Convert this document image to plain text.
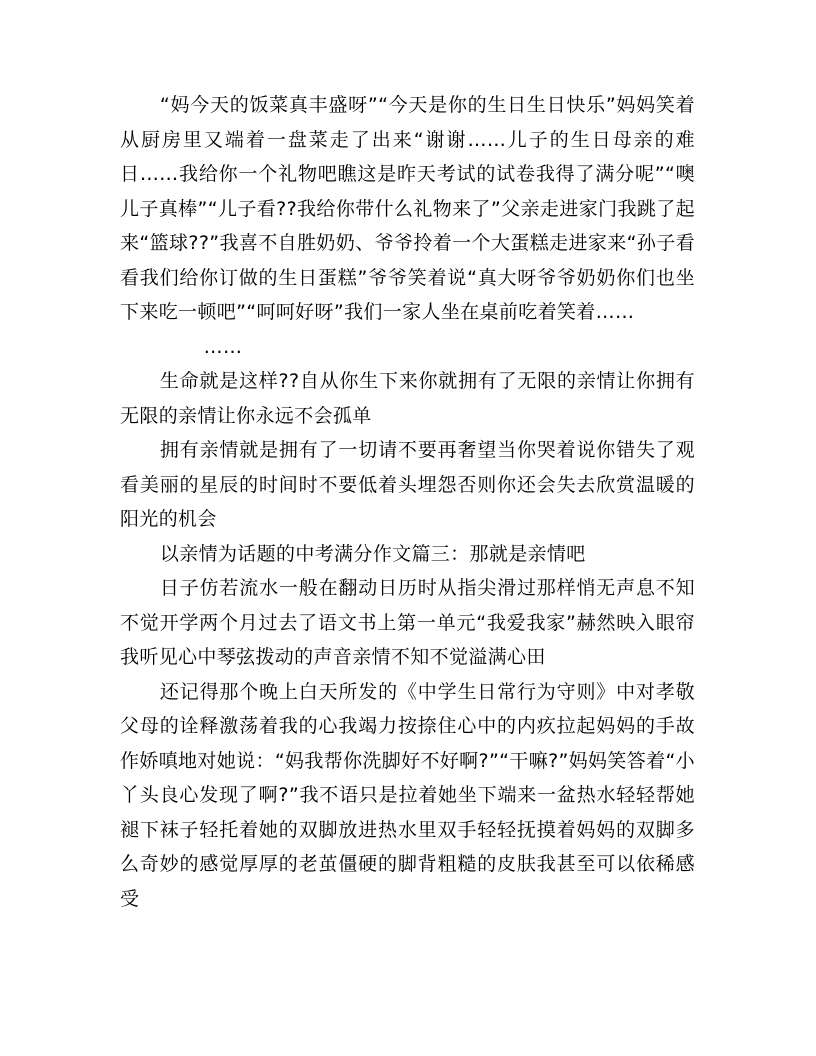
“妈今天的饭菜真丰盛呀”“今天是你的生日生日快乐”妈妈笑着从厨房里又端着一盘菜走了出来“谢谢……儿子的生日母亲的难日……我给你一个礼物吧瞧这是昨天考试的试卷我得了满分呢”“噢儿子真棒”“儿子看??我给你带什么礼物来了”父亲走进家门我跳了起来“篮球??”我喜不自胜奶奶、爷爷拎着一个大蛋糕走进家来“孙子看看我们给你订做的生日蛋糕”爷爷笑着说“真大呀爷爷奶奶你们也坐下来吃一顿吧”“呵呵好呀”我们一家人坐在桌前吃着笑着……

……

生命就是这样??自从你生下来你就拥有了无限的亲情让你拥有无限的亲情让你永远不会孤单

拥有亲情就是拥有了一切请不要再奢望当你哭着说你错失了观看美丽的星辰的时间时不要低着头埋怨否则你还会失去欣赏温暖的阳光的机会

以亲情为话题的中考满分作文篇三：那就是亲情吧

日子仿若流水一般在翻动日历时从指尖滑过那样悄无声息不知不觉开学两个月过去了语文书上第一单元“我爱我家”赫然映入眼帘我听见心中琴弦拨动的声音亲情不知不觉溢满心田

还记得那个晚上白天所发的《中学生日常行为守则》中对孝敬父母的诠释激荡着我的心我竭力按捺住心中的内疚拉起妈妈的手故作娇嗔地对她说：“妈我帮你洗脚好不好啊?”“干嘛?”妈妈笑答着“小丫头良心发现了啊?”我不语只是拉着她坐下端来一盆热水轻轻帮她褪下袜子轻托着她的双脚放进热水里双手轻轻抚摸着妈妈的双脚多么奇妙的感觉厚厚的老茧僵硬的脚背粗糙的皮肤我甚至可以依稀感受
